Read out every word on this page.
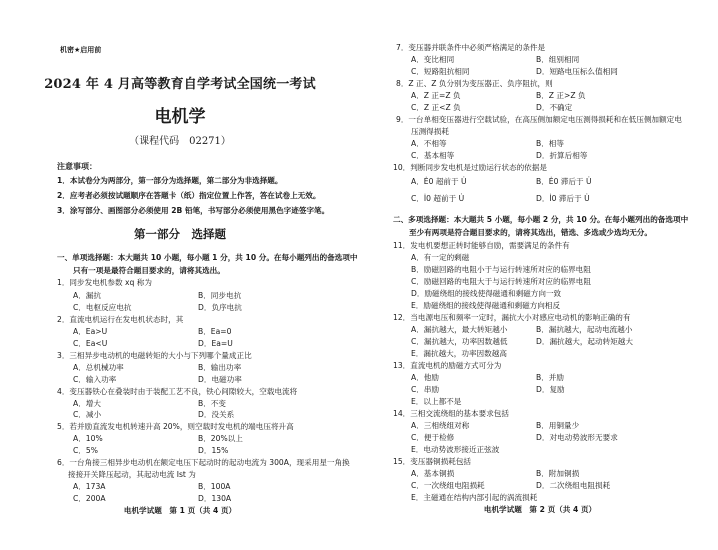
机密★启用前
2024 年 4 月高等教育自学考试全国统一考试
电机学
（课程代码　02271）
注意事项：
1．本试卷分为两部分，第一部分为选择题，第二部分为非选择题。
2．应考者必须按试题顺序在答题卡（纸）指定位置上作答，答在试卷上无效。
3．涂写部分、画图部分必须使用 2B 铅笔，书写部分必须使用黑色字迹签字笔。
第一部分　选择题
一、单项选择题：本大题共 10 小题，每小题 1 分，共 10 分。在每小题列出的备选项中
只有一项是最符合题目要求的，请将其选出。
1．同步发电机参数 xq 称为
A．漏抗	B．同步电抗
C．电枢反应电抗	D．负序电抗
2．直流电机运行在发电机状态时，其
A．Ea>U	B．Ea=0
C．Ea<U	D．Ea=U
3．三相异步电动机的电磁转矩的大小与下列哪个量成正比
A．总机械功率	B．输出功率
C．输入功率	D．电磁功率
4．变压器铁心在叠装时由于装配工艺不良，铁心间隙较大，空载电流将
A．增大	B．不变
C．减小	D．没关系
5．若并励直流发电机转速升高 20%，则空载时发电机的端电压将升高
A．10%	B．20%以上
C．5%	D．15%
6．一台角接三相异步电动机在额定电压下起动时的起动电流为 300A，现采用星一角换
接接开关降压起动，其起动电流 Ist 为
A．173A	B．100A
C．200A	D．130A
电机学试题　第 1 页（共 4 页）
7．变压器并联条件中必须严格满足的条件是
A．变比相同	B．组别相同
C．短路阻抗相同	D．短路电压标么值相同
8．Z 正、Z 负分别为变压器正、负序阻抗，则
A．Z 正=Z 负	B．Z 正>Z 负
C．Z 正<Z 负	D．不确定
9．一台单相变压器进行空载试验，在高压侧加额定电压测得损耗和在低压侧加额定电
压测得损耗
A．不相等	B．相等
C．基本相等	D．折算后相等
10．判断同步发电机是过励运行状态的依据是
A．Ė0 超前于 U̇	B．Ė0 滞后于 U̇
C．İ0 超前于 U̇	D．İ0 滞后于 U̇
二、多项选择题：本大题共 5 小题，每小题 2 分，共 10 分。在每小题列出的备选项中
至少有两项是符合题目要求的，请将其选出，错选、多选或少选均无分。
11．发电机要想正转时能够自励，需要满足的条件有
A．有一定的剩磁
B．励磁回路的电阻小于与运行转速所对应的临界电阻
C．励磁回路的电阻大于与运行转速所对应的临界电阻
D．励磁绕组的接线使得磁通和剩磁方向一致
E．励磁绕组的接线使得磁通和剩磁方向相反
12．当电源电压和频率一定时，漏抗大小对感应电动机的影响正确的有
A．漏抗越大，最大转矩越小	B．漏抗越大，起动电流越小
C．漏抗越大，功率因数越低	D．漏抗越大，起动转矩越大
E．漏抗越大，功率因数越高
13．直流电机的励磁方式可分为
A．他励	B．并励
C．串励	D．复励
E．以上都不是
14．三相交流绕组的基本要求包括
A．三相绕组对称	B．用铜量少
C．便于检修	D．对电动势波形无要求
E．电动势波形接近正弦波
15．变压器铜损耗包括
A．基本铜损	B．附加铜损
C．一次绕组电阻损耗	D．二次绕组电阻损耗
E．主磁通在结构内部引起的涡流损耗
电机学试题　第 2 页（共 4 页）
